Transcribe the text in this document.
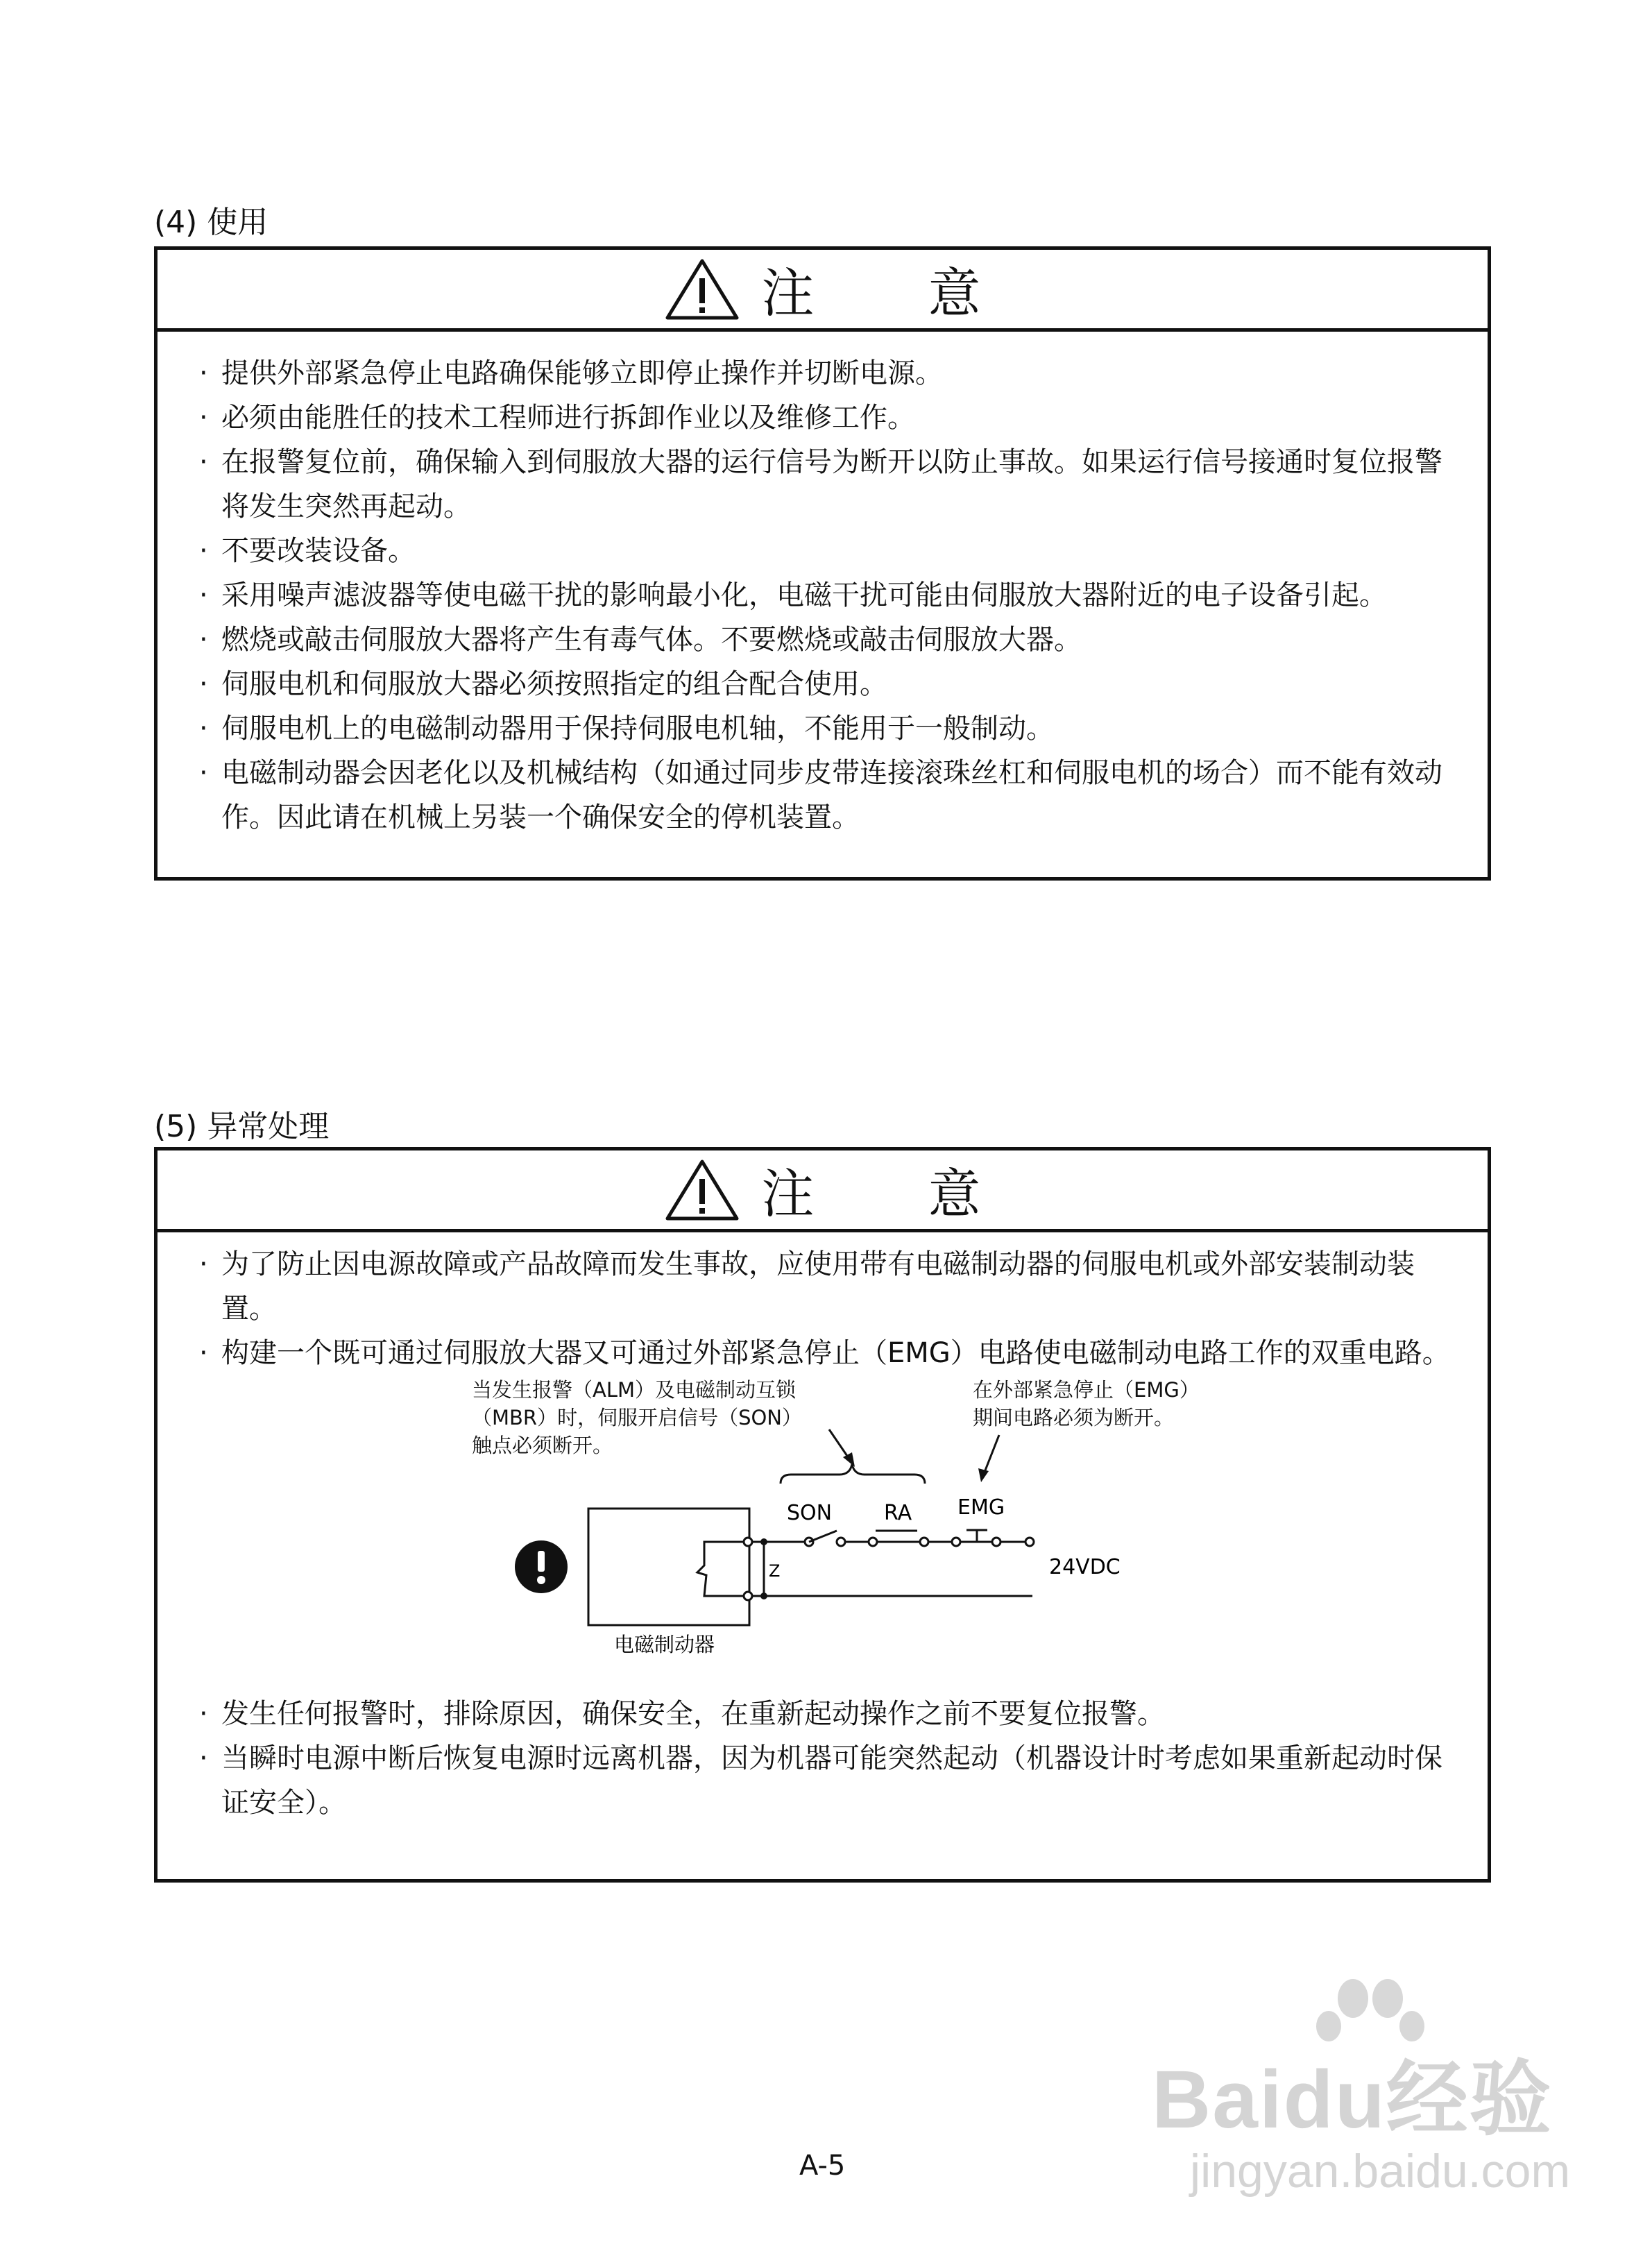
(4) 使用
注 意
· 提供外部紧急停止电路确保能够立即停止操作并切断电源。
· 必须由能胜任的技术工程师进行拆卸作业以及维修工作。
· 在报警复位前，确保输入到伺服放大器的运行信号为断开以防止事故。如果运行信号接通时复位报警将发生突然再起动。
· 不要改装设备。
· 采用噪声滤波器等使电磁干扰的影响最小化，电磁干扰可能由伺服放大器附近的电子设备引起。
· 燃烧或敲击伺服放大器将产生有毒气体。不要燃烧或敲击伺服放大器。
· 伺服电机和伺服放大器必须按照指定的组合配合使用。
· 伺服电机上的电磁制动器用于保持伺服电机轴，不能用于一般制动。
· 电磁制动器会因老化以及机械结构（如通过同步皮带连接滚珠丝杠和伺服电机的场合）而不能有效动作。因此请在机械上另装一个确保安全的停机装置。
(5) 异常处理
注 意
· 为了防止因电源故障或产品故障而发生事故，应使用带有电磁制动器的伺服电机或外部安装制动装置。
· 构建一个既可通过伺服放大器又可通过外部紧急停止（EMG）电路使电磁制动电路工作的双重电路。
· 发生任何报警时，排除原因，确保安全，在重新起动操作之前不要复位报警。
· 当瞬时电源中断后恢复电源时远离机器，因为机器可能突然起动（机器设计时考虑如果重新起动时保证安全）。
当发生报警（ALM）及电磁制动互锁
（MBR）时，伺服开启信号（SON）
触点必须断开。
在外部紧急停止（EMG）
期间电路必须为断开。
SON RA EMG
24VDC
电磁制动器
Z
A-5
Baidu经验
jingyan.baidu.com
